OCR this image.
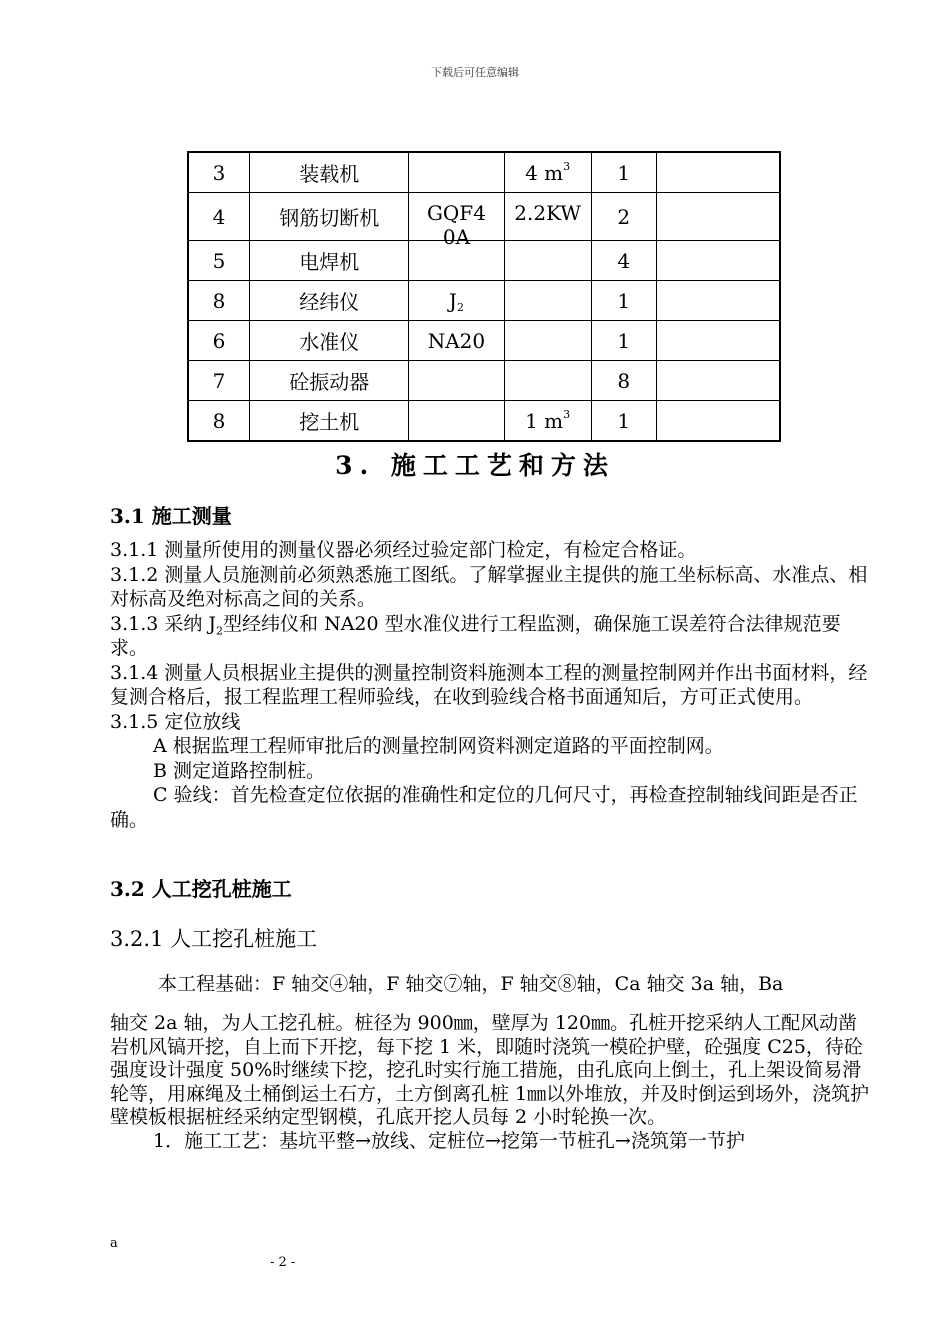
下载后可任意编辑
3	装载机		4 $m^3$	1	
4	钢筋切断机	GQF40A	2.2KW	2	
5	电焊机			4	
8	经纬仪	J2		1	
6	水准仪	NA20		1	
7	砼振动器			8	
8	挖土机		1 $m^3$	1	
3. 施工工艺和方法
3.1 施工测量

3.1.1 测量所使用的测量仪器必须经过验定部门检定，有检定合格证。

3.1.2 测量人员施测前必须熟悉施工图纸。了解掌握业主提供的施工坐标标高、水准点、相对标高及绝对标高之间的关系。

3.1.3 采纳 J2型经纬仪和 NA20 型水准仪进行工程监测，确保施工误差符合法律规范要求。

3.1.4 测量人员根据业主提供的测量控制资料施测本工程的测量控制网并作出书面材料，经复测合格后，报工程监理工程师验线，在收到验线合格书面通知后，方可正式使用。

3.1.5 定位放线

A 根据监理工程师审批后的测量控制网资料测定道路的平面控制网。

B 测定道路控制桩。

C 验线：首先检查定位依据的准确性和定位的几何尺寸，再检查控制轴线间距是否正确。

3.2 人工挖孔桩施工
3.2.1 人工挖孔桩施工

本工程基础：F 轴交④轴，F 轴交⑦轴，F 轴交⑧轴，Ca 轴交 3a 轴，Ba

轴交 2a 轴，为人工挖孔桩。桩径为 900㎜，壁厚为 120㎜。孔桩开挖采纳人工配风动凿岩机风镐开挖，自上而下开挖，每下挖 1 米，即随时浇筑一模砼护壁，砼强度 C25，待砼强度设计强度 50%时继续下挖，挖孔时实行施工措施，由孔底向上倒土，孔上架设简易滑轮等，用麻绳及土桶倒运土石方，土方倒离孔桩 1㎜以外堆放，并及时倒运到场外，浇筑护壁模板根据桩经采纳定型钢模，孔底开挖人员每 2 小时轮换一次。

1．施工工艺：基坑平整→放线、定桩位→挖第一节桩孔→浇筑第一节护

a
- 2 -
